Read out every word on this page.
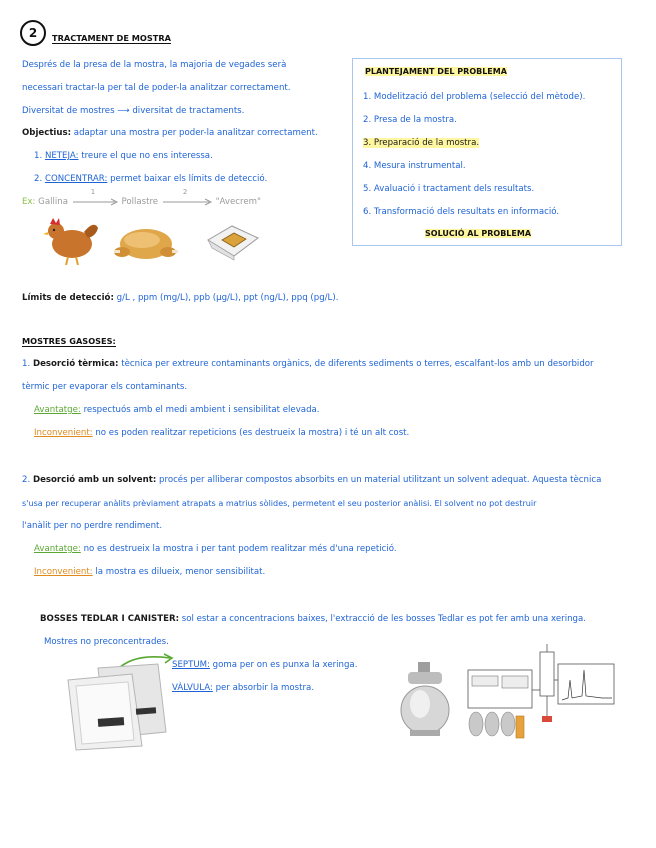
2 TRACTAMENT DE MOSTRA
Després de la presa de la mostra, la majoria de vegades serà
necessari tractar-la per tal de poder-la analitzar correctament.
Diversitat de mostres ⟶ diversitat de tractaments.
Objectius: adaptar una mostra per poder-la analitzar correctament.
1. NETEJA: treure el que no ens interessa.
2. CONCENTRAR: permet baixar els límits de detecció.
Ex: Gallina
1
Pollastre
2
"Avecrem"
PLANTEJAMENT DEL PROBLEMA
1. Modelització del problema (selecció del mètode).
2. Presa de la mostra.
3. Preparació de la mostra.
4. Mesura instrumental.
5. Avaluació i tractament dels resultats.
6. Transformació dels resultats en informació.
SOLUCIÓ AL PROBLEMA
Límits de detecció: g/L , ppm (mg/L), ppb (µg/L), ppt (ng/L), ppq (pg/L).
MOSTRES GASOSES:
1. Desorció tèrmica: tècnica per extreure contaminants orgànics, de diferents sediments o terres, escalfant-los amb un desorbidor
tèrmic per evaporar els contaminants.
Avantatge: respectuós amb el medi ambient i sensibilitat elevada.
Inconvenient: no es poden realitzar repeticions (es destrueix la mostra) i té un alt cost.
2. Desorció amb un solvent: procés per alliberar compostos absorbits en un material utilitzant un solvent adequat. Aquesta tècnica
s'usa per recuperar anàlits prèviament atrapats a matrius sòlides, permetent el seu posterior anàlisi. El solvent no pot destruir
l'anàlit per no perdre rendiment.
Avantatge: no es destrueix la mostra i per tant podem realitzar més d'una repetició.
Inconvenient: la mostra es dilueix, menor sensibilitat.
BOSSES TEDLAR I CANISTER: sol estar a concentracions baixes, l'extracció de les bosses Tedlar es pot fer amb una xeringa.
Mostres no preconcentrades.
SEPTUM: goma per on es punxa la xeringa.
VÀLVULA: per absorbir la mostra.
